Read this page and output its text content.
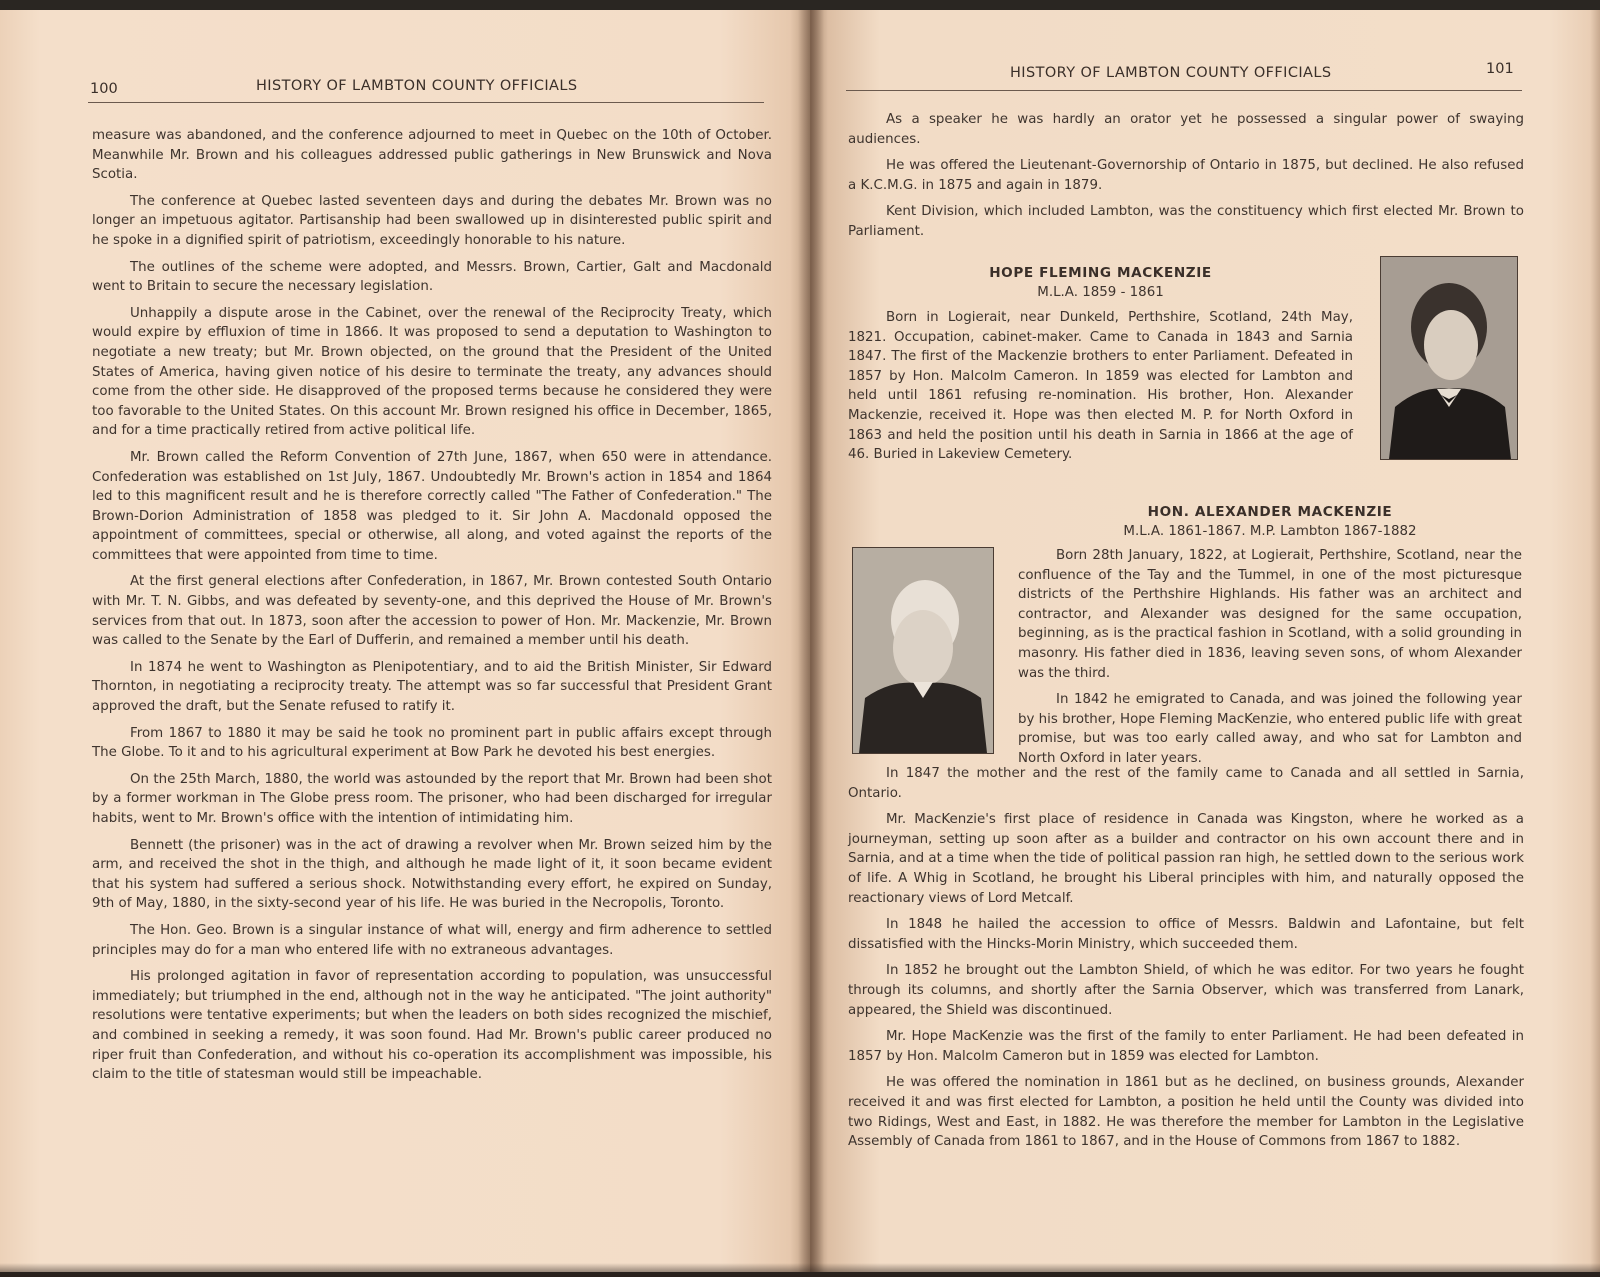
100	HISTORY OF LAMBTON COUNTY OFFICIALS

measure was abandoned, and the conference adjourned to meet in Quebec on the 10th of October. Meanwhile Mr. Brown and his colleagues addressed public gatherings in New Brunswick and Nova Scotia.

The conference at Quebec lasted seventeen days and during the debates Mr. Brown was no longer an impetuous agitator. Partisanship had been swallowed up in disinterested public spirit and he spoke in a dignified spirit of patriotism, exceedingly honorable to his nature.

The outlines of the scheme were adopted, and Messrs. Brown, Cartier, Galt and Macdonald went to Britain to secure the necessary legislation.

Unhappily a dispute arose in the Cabinet, over the renewal of the Reciprocity Treaty, which would expire by effluxion of time in 1866. It was proposed to send a deputation to Washington to negotiate a new treaty; but Mr. Brown objected, on the ground that the President of the United States of America, having given notice of his desire to terminate the treaty, any advances should come from the other side. He disapproved of the proposed terms because he considered they were too favorable to the United States. On this account Mr. Brown resigned his office in December, 1865, and for a time practically retired from active political life.

Mr. Brown called the Reform Convention of 27th June, 1867, when 650 were in attendance. Confederation was established on 1st July, 1867. Undoubtedly Mr. Brown's action in 1854 and 1864 led to this magnificent result and he is therefore correctly called "The Father of Confederation." The Brown-Dorion Administration of 1858 was pledged to it. Sir John A. Macdonald opposed the appointment of committees, special or otherwise, all along, and voted against the reports of the committees that were appointed from time to time.

At the first general elections after Confederation, in 1867, Mr. Brown contested South Ontario with Mr. T. N. Gibbs, and was defeated by seventy-one, and this deprived the House of Mr. Brown's services from that out. In 1873, soon after the accession to power of Hon. Mr. Mackenzie, Mr. Brown was called to the Senate by the Earl of Dufferin, and remained a member until his death.

In 1874 he went to Washington as Plenipotentiary, and to aid the British Minister, Sir Edward Thornton, in negotiating a reciprocity treaty. The attempt was so far successful that President Grant approved the draft, but the Senate refused to ratify it.

From 1867 to 1880 it may be said he took no prominent part in public affairs except through The Globe. To it and to his agricultural experiment at Bow Park he devoted his best energies.

On the 25th March, 1880, the world was astounded by the report that Mr. Brown had been shot by a former workman in The Globe press room. The prisoner, who had been discharged for irregular habits, went to Mr. Brown's office with the intention of intimidating him.

Bennett (the prisoner) was in the act of drawing a revolver when Mr. Brown seized him by the arm, and received the shot in the thigh, and although he made light of it, it soon became evident that his system had suffered a serious shock. Notwithstanding every effort, he expired on Sunday, 9th of May, 1880, in the sixty-second year of his life. He was buried in the Necropolis, Toronto.

The Hon. Geo. Brown is a singular instance of what will, energy and firm adherence to settled principles may do for a man who entered life with no extraneous advantages.

His prolonged agitation in favor of representation according to population, was unsuccessful immediately; but triumphed in the end, although not in the way he anticipated. "The joint authority" resolutions were tentative experiments; but when the leaders on both sides recognized the mischief, and combined in seeking a remedy, it was soon found. Had Mr. Brown's public career produced no riper fruit than Confederation, and without his co-operation its accomplishment was impossible, his claim to the title of statesman would still be impeachable.

HISTORY OF LAMBTON COUNTY OFFICIALS	101

As a speaker he was hardly an orator yet he possessed a singular power of swaying audiences.

He was offered the Lieutenant-Governorship of Ontario in 1875, but declined. He also refused a K.C.M.G. in 1875 and again in 1879.

Kent Division, which included Lambton, was the constituency which first elected Mr. Brown to Parliament.

HOPE FLEMING MACKENZIE
M.L.A. 1859 - 1861

Born in Logierait, near Dunkeld, Perthshire, Scotland, 24th May, 1821. Occupation, cabinet-maker. Came to Canada in 1843 and Sarnia 1847. The first of the Mackenzie brothers to enter Parliament. Defeated in 1857 by Hon. Malcolm Cameron. In 1859 was elected for Lambton and held until 1861 refusing re-nomination. His brother, Hon. Alexander Mackenzie, received it. Hope was then elected M. P. for North Oxford in 1863 and held the position until his death in Sarnia in 1866 at the age of 46. Buried in Lakeview Cemetery.

HON. ALEXANDER MACKENZIE
M.L.A. 1861-1867. M.P. Lambton 1867-1882

Born 28th January, 1822, at Logierait, Perthshire, Scotland, near the confluence of the Tay and the Tummel, in one of the most picturesque districts of the Perthshire Highlands. His father was an architect and contractor, and Alexander was designed for the same occupation, beginning, as is the practical fashion in Scotland, with a solid grounding in masonry. His father died in 1836, leaving seven sons, of whom Alexander was the third.

In 1842 he emigrated to Canada, and was joined the following year by his brother, Hope Fleming MacKenzie, who entered public life with great promise, but was too early called away, and who sat for Lambton and North Oxford in later years.

In 1847 the mother and the rest of the family came to Canada and all settled in Sarnia, Ontario.

Mr. MacKenzie's first place of residence in Canada was Kingston, where he worked as a journeyman, setting up soon after as a builder and contractor on his own account there and in Sarnia, and at a time when the tide of political passion ran high, he settled down to the serious work of life. A Whig in Scotland, he brought his Liberal principles with him, and naturally opposed the reactionary views of Lord Metcalf.

In 1848 he hailed the accession to office of Messrs. Baldwin and Lafontaine, but felt dissatisfied with the Hincks-Morin Ministry, which succeeded them.

In 1852 he brought out the Lambton Shield, of which he was editor. For two years he fought through its columns, and shortly after the Sarnia Observer, which was transferred from Lanark, appeared, the Shield was discontinued.

Mr. Hope MacKenzie was the first of the family to enter Parliament. He had been defeated in 1857 by Hon. Malcolm Cameron but in 1859 was elected for Lambton.

He was offered the nomination in 1861 but as he declined, on business grounds, Alexander received it and was first elected for Lambton, a position he held until the County was divided into two Ridings, West and East, in 1882. He was therefore the member for Lambton in the Legislative Assembly of Canada from 1861 to 1867, and in the House of Commons from 1867 to 1882.
